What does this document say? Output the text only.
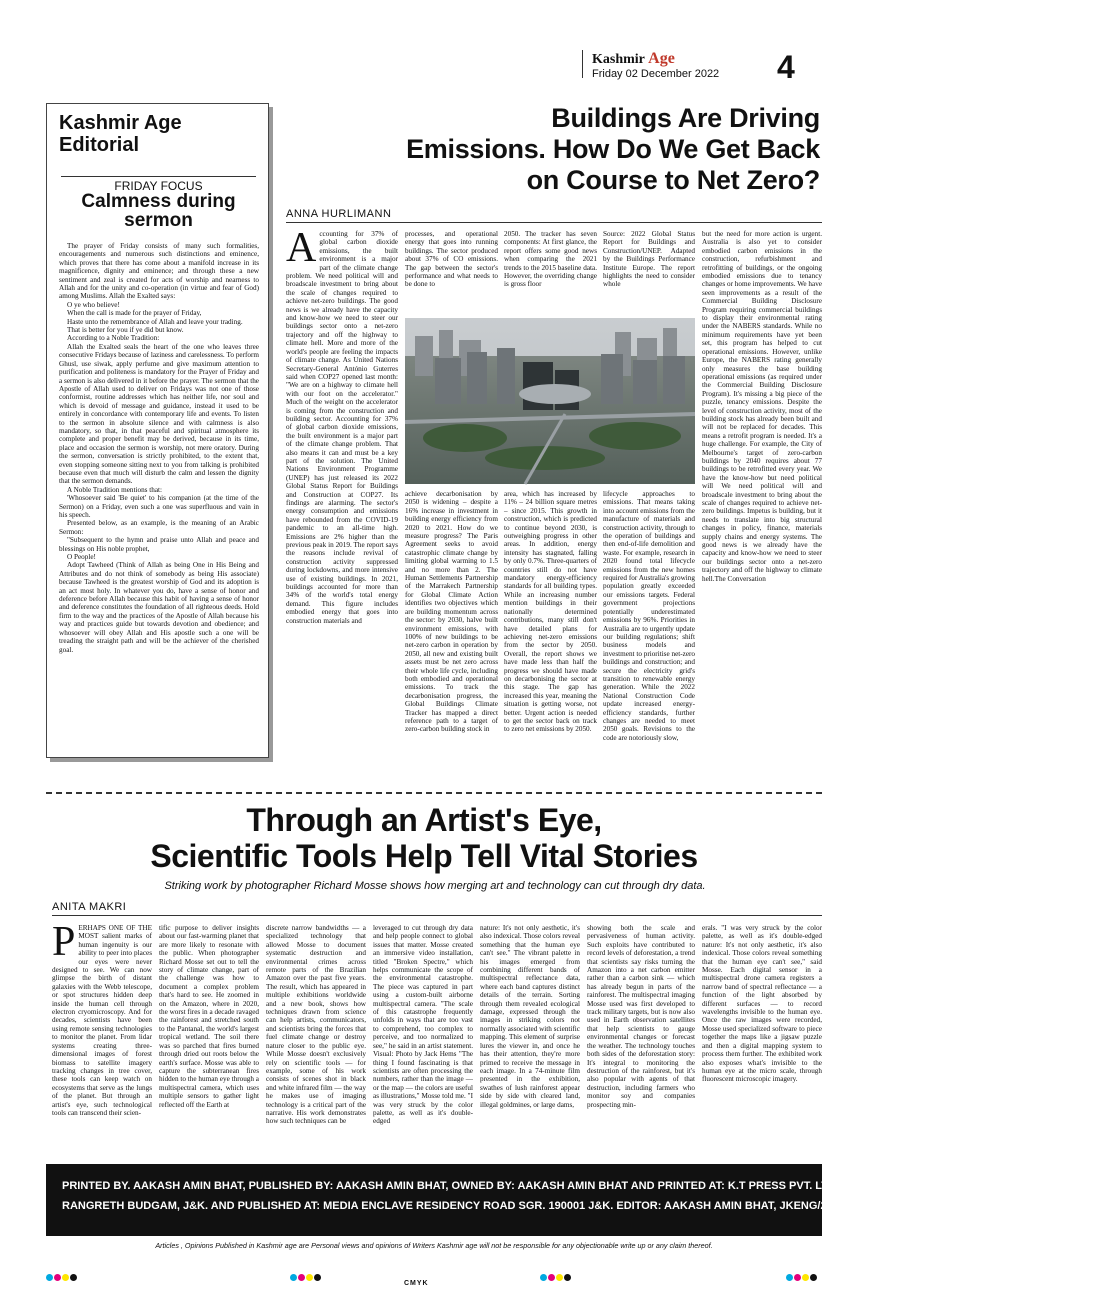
Kashmir Age
Friday 02 December 2022 4
Kashmir Age
Editorial
FRIDAY FOCUS
Calmness during
sermon

The prayer of Friday consists of many such formalities, encouragements and numerous such distinctions and eminence, which proves that there has come about a manifold increase in its magnificence, dignity and eminence; and through these a new sentiment and zeal is created for acts of worship and nearness to Allah and for the unity and co-operation (in virtue and fear of God) among Muslims. Allah the Exalted says:

O ye who believe!

When the call is made for the prayer of Friday,

Haste unto the remembrance of Allah and leave your trading.

That is better for you if ye did but know.

According to a Noble Tradition:

Allah the Exalted seals the heart of the one who leaves three consecutive Fridays because of laziness and carelessness. To perform Ghusl, use siwak, apply perfume and give maximum attention to purification and politeness is mandatory for the Prayer of Friday and a sermon is also delivered in it before the prayer. The sermon that the Apostle of Allah used to deliver on Fridays was not one of those conformist, routine addresses which has neither life, nor soul and which is devoid of message and guidance, instead it used to be entirely in concordance with contemporary life and events. To listen to the sermon in absolute silence and with calmness is also mandatory, so that, in that peaceful and spiritual atmosphere its complete and proper benefit may be derived, because in its time, place and occasion the sermon is worship, not mere oratory. During the sermon, conversation is strictly prohibited, to the extent that, even stopping someone sitting next to you from talking is prohibited because even that much will disturb the calm and lessen the dignity that the sermon demands.

A Noble Tradition mentions that:

'Whosoever said 'Be quiet' to his companion (at the time of the Sermon) on a Friday, even such a one was superfluous and vain in his speech.

Presented below, as an example, is the meaning of an Arabic Sermon:

"Subsequent to the hymn and praise unto Allah and peace and blessings on His noble prophet,

O People!

Adopt Tawheed (Think of Allah as being One in His Being and Attributes and do not think of somebody as being His associate) because Tawheed is the greatest worship of God and its adoption is an act most holy. In whatever you do, have a sense of honor and deference before Allah because this habit of having a sense of honor and deference constitutes the foundation of all righteous deeds. Hold firm to the way and the practices of the Apostle of Allah because his way and practices guide but towards devotion and obedience; and whosoever will obey Allah and His apostle such a one will be treading the straight path and will be the achiever of the cherished goal.

Buildings Are Driving
Emissions. How Do We Get Back
on Course to Net Zero?
ANNA HURLIMANN
Accounting for 37% of global carbon dioxide emissions, the built environment is a major part of the climate change problem. We need political will and broadscale investment to bring about the scale of changes required to achieve net-zero buildings. The good news is we already have the capacity and know-how we need to steer our buildings sector onto a net-zero trajectory and off the highway to climate hell. More and more of the world's people are feeling the impacts of climate change. As United Nations Secretary-General António Guterres said when COP27 opened last month: "We are on a highway to climate hell with our foot on the accelerator." Much of the weight on the accelerator is coming from the construction and building sector. Accounting for 37% of global carbon dioxide emissions, the built environment is a major part of the climate change problem. That also means it can and must be a key part of the solution. The United Nations Environment Programme (UNEP) has just released its 2022 Global Status Report for Buildings and Construction at COP27. Its findings are alarming. The sector's energy consumption and emissions have rebounded from the COVID-19 pandemic to an all-time high. Emissions are 2% higher than the previous peak in 2019. The report says the reasons include revival of construction activity suppressed during lockdowns, and more intensive use of existing buildings. In 2021, buildings accounted for more than 34% of the world's total energy demand. This figure includes embodied energy that goes into construction materials and
processes, and operational energy that goes into running buildings. The sector produced about 37% of CO emissions. The gap between the sector's performance and what needs to be done to
achieve decarbonisation by 2050 is widening – despite a 16% increase in investment in building energy efficiency from 2020 to 2021. How do we measure progress? The Paris Agreement seeks to avoid catastrophic climate change by limiting global warming to 1.5 and no more than 2. The Human Settlements Partnership of the Marrakech Partnership for Global Climate Action identifies two objectives which are building momentum across the sector: by 2030, halve built environment emissions, with 100% of new buildings to be net-zero carbon in operation by 2050, all new and existing built assets must be net zero across their whole life cycle, including both embodied and operational emissions. To track the decarbonisation progress, the Global Buildings Climate Tracker has mapped a direct reference path to a target of zero-carbon building stock in
2050. The tracker has seven components: At first glance, the report offers some good news when comparing the 2021 trends to the 2015 baseline data. However, the overriding change is gross floor
area, which has increased by 11% – 24 billion square metres – since 2015. This growth in construction, which is predicted to continue beyond 2030, is outweighing progress in other areas. In addition, energy intensity has stagnated, falling by only 0.7%. Three-quarters of countries still do not have mandatory energy-efficiency standards for all building types. While an increasing number mention buildings in their nationally determined contributions, many still don't have detailed plans for achieving net-zero emissions from the sector by 2050. Overall, the report shows we have made less than half the progress we should have made on decarbonising the sector at this stage. The gap has increased this year, meaning the situation is getting worse, not better. Urgent action is needed to get the sector back on track to zero net emissions by 2050.
Source: 2022 Global Status Report for Buildings and Construction/UNEP. Adapted by the Buildings Performance Institute Europe. The report highlights the need to consider whole
lifecycle approaches to emissions. That means taking into account emissions from the manufacture of materials and construction activity, through to the operation of buildings and then end-of-life demolition and waste. For example, research in 2020 found total lifecycle emissions from the new homes required for Australia's growing population greatly exceeded our emissions targets. Federal government projections potentially underestimated emissions by 96%. Priorities in Australia are to urgently update our building regulations; shift business models and investment to prioritise net-zero buildings and construction; and secure the electricity grid's transition to renewable energy generation. While the 2022 National Construction Code update increased energy-efficiency standards, further changes are needed to meet 2050 goals. Revisions to the code are notoriously slow,
but the need for more action is urgent. Australia is also yet to consider embodied carbon emissions in the construction, refurbishment and retrofitting of buildings, or the ongoing embodied emissions due to tenancy changes or home improvements. We have seen improvements as a result of the Commercial Building Disclosure Program requiring commercial buildings to display their environmental rating under the NABERS standards. While no minimum requirements have yet been set, this program has helped to cut operational emissions. However, unlike Europe, the NABERS rating generally only measures the base building operational emissions (as required under the Commercial Building Disclosure Program). It's missing a big piece of the puzzle, tenancy emissions. Despite the level of construction activity, most of the building stock has already been built and will not be replaced for decades. This means a retrofit program is needed. It's a huge challenge. For example, the City of Melbourne's target of zero-carbon buildings by 2040 requires about 77 buildings to be retrofitted every year. We have the know-how but need political will We need political will and broadscale investment to bring about the scale of changes required to achieve net-zero buildings. Impetus is building, but it needs to translate into big structural changes in policy, finance, materials supply chains and energy systems. The good news is we already have the capacity and know-how we need to steer our buildings sector onto a net-zero trajectory and off the highway to climate hell.The Conversation
Through an Artist's Eye,
Scientific Tools Help Tell Vital Stories
Striking work by photographer Richard Mosse shows how merging art and technology can cut through dry data.
ANITA MAKRI
PERHAPS ONE OF THE MOST salient marks of human ingenuity is our ability to peer into places our eyes were never designed to see. We can now glimpse the birth of distant galaxies with the Webb telescope, or spot structures hidden deep inside the human cell through electron cryomicroscopy. And for decades, scientists have been using remote sensing technologies to monitor the planet. From lidar systems creating three-dimensional images of forest biomass to satellite imagery tracking changes in tree cover, these tools can keep watch on ecosystems that serve as the lungs of the planet. But through an artist's eye, such technological tools can transcend their scien-
tific purpose to deliver insights about our fast-warming planet that are more likely to resonate with the public. When photographer Richard Mosse set out to tell the story of climate change, part of the challenge was how to document a complex problem that's hard to see. He zoomed in on the Amazon, where in 2020, the worst fires in a decade ravaged the rainforest and stretched south to the Pantanal, the world's largest tropical wetland. The soil there was so parched that fires burned through dried out roots below the earth's surface. Mosse was able to capture the subterranean fires hidden to the human eye through a multispectral camera, which uses multiple sensors to gather light reflected off the Earth at
discrete narrow bandwidths — a specialized technology that allowed Mosse to document systematic destruction and environmental crimes across remote parts of the Brazilian Amazon over the past five years. The result, which has appeared in multiple exhibitions worldwide and a new book, shows how techniques drawn from science can help artists, communicators, and scientists bring the forces that fuel climate change or destroy nature closer to the public eye. While Mosse doesn't exclusively rely on scientific tools — for example, some of his work consists of scenes shot in black and white infrared film — the way he makes use of imaging technology is a critical part of the narrative. His work demonstrates how such techniques can be
leveraged to cut through dry data and help people connect to global issues that matter. Mosse created an immersive video installation, titled "Broken Spectre," which helps communicate the scope of the environmental catastrophe. The piece was captured in part using a custom-built airborne multispectral camera. "The scale of this catastrophe frequently unfolds in ways that are too vast to comprehend, too complex to perceive, and too normalized to see," he said in an artist statement. Visual: Photo by Jack Hems "The thing I found fascinating is that scientists are often processing the numbers, rather than the image — or the map — the colors are useful as illustrations," Mosse told me. "I was very struck by the color palette, as well as it's double-edged
nature: It's not only aesthetic, it's also indexical. Those colors reveal something that the human eye can't see." The vibrant palette in his images emerged from combining different bands of multispectral reflectance data, where each band captures distinct details of the terrain. Sorting through them revealed ecological damage, expressed through the images in striking colors not normally associated with scientific mapping. This element of surprise lures the viewer in, and once he has their attention, they're more primed to receive the message in each image. In a 74-minute film presented in the exhibition, swathes of lush rainforest appear side by side with cleared land, illegal goldmines, or large dams,
showing both the scale and pervasiveness of human activity. Such exploits have contributed to record levels of deforestation, a trend that scientists say risks turning the Amazon into a net carbon emitter rather than a carbon sink — which has already begun in parts of the rainforest. The multispectral imaging Mosse used was first developed to track military targets, but is now also used in Earth observation satellites that help scientists to gauge environmental changes or forecast the weather. The technology touches both sides of the deforestation story: It's integral to monitoring the destruction of the rainforest, but it's also popular with agents of that destruction, including farmers who monitor soy and companies prospecting min-
erals. "I was very struck by the color palette, as well as it's double-edged nature: It's not only aesthetic, it's also indexical. Those colors reveal something that the human eye can't see," said Mosse. Each digital sensor in a multispectral drone camera registers a narrow band of spectral reflectance — a function of the light absorbed by different surfaces — to record wavelengths invisible to the human eye. Once the raw images were recorded, Mosse used specialized software to piece together the maps like a jigsaw puzzle and then a digital mapping system to process them further. The exhibited work also exposes what's invisible to the human eye at the micro scale, through fluorescent microscopic imagery.
PRINTED BY. AAKASH AMIN BHAT, PUBLISHED BY: AAKASH AMIN BHAT, OWNED BY: AAKASH AMIN BHAT AND PRINTED AT: K.T PRESS PVT. LTD.120- ELECTRONIC COMPLEX INDUSTRIAL ESTATE
RANGRETH BUDGAM, J&K. AND PUBLISHED AT: MEDIA ENCLAVE RESIDENCY ROAD SGR. 190001 J&K. EDITOR: AAKASH AMIN BHAT, JKENG/2006/23952
Articles , Opinions Published in Kashmir age are Personal views and opinions of Writers Kashmir age will not be responsible for any objectionable write up or any claim thereof.
CMYK
